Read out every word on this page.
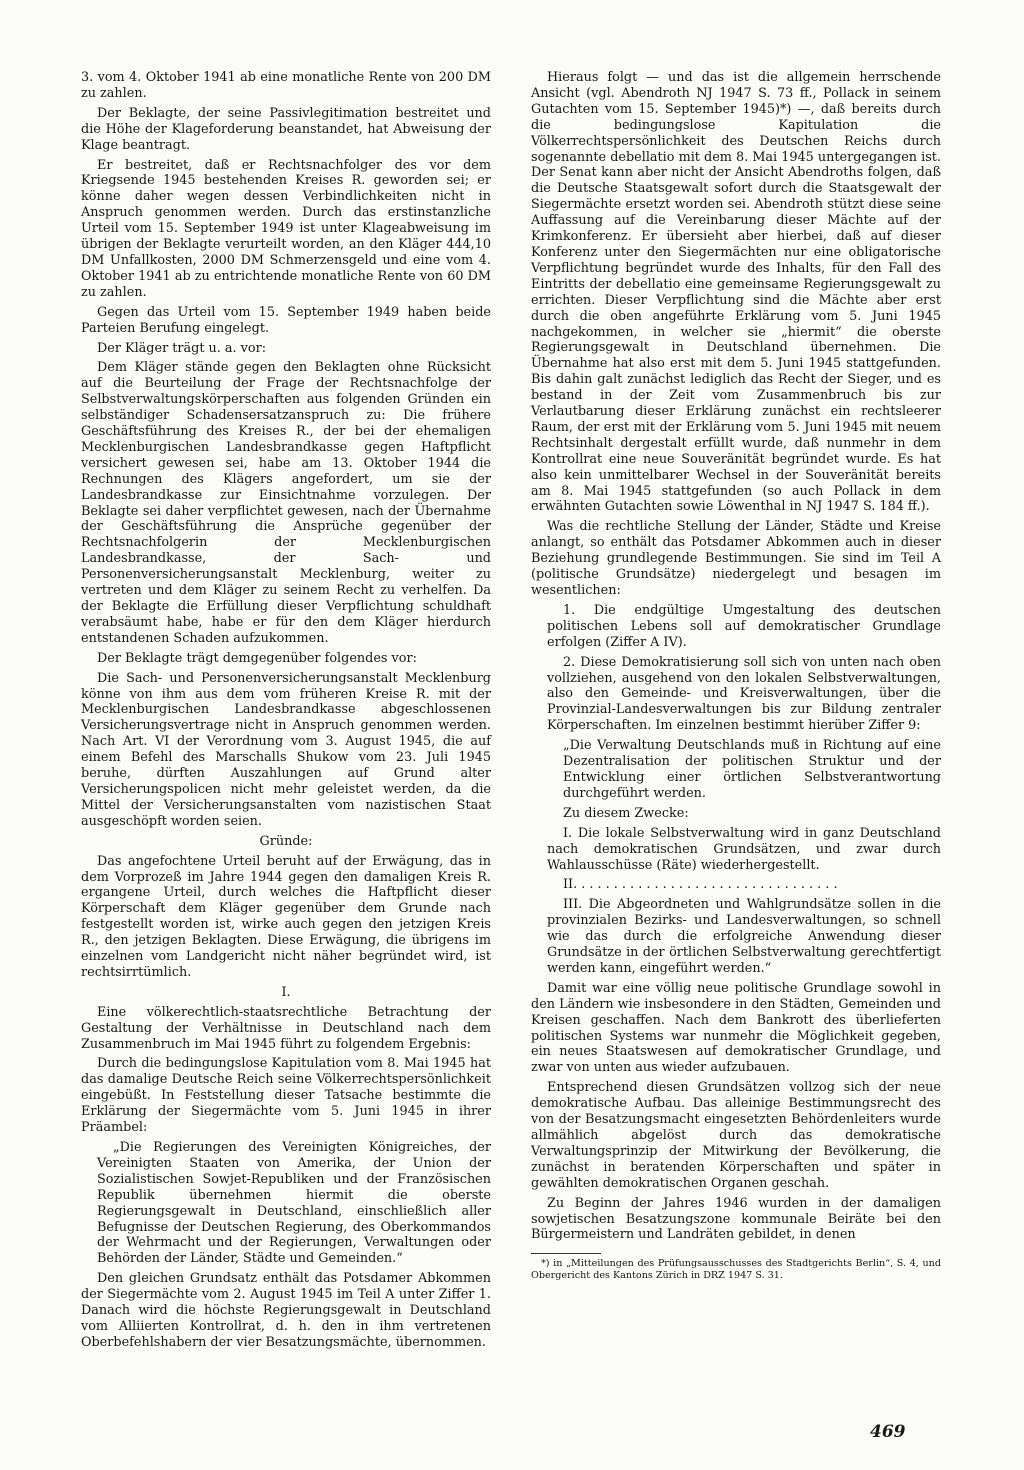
3. vom 4. Oktober 1941 ab eine monatliche Rente von 200 DM zu zahlen.

Der Beklagte, der seine Passivlegitimation bestreitet und die Höhe der Klageforderung beanstandet, hat Abweisung der Klage beantragt.

Er bestreitet, daß er Rechtsnachfolger des vor dem Kriegsende 1945 bestehenden Kreises R. geworden sei; er könne daher wegen dessen Verbindlichkeiten nicht in Anspruch genommen werden. Durch das erstinstanzliche Urteil vom 15. September 1949 ist unter Klageabweisung im übrigen der Beklagte verurteilt worden, an den Kläger 444,10 DM Unfallkosten, 2000 DM Schmerzensgeld und eine vom 4. Oktober 1941 ab zu entrichtende monatliche Rente von 60 DM zu zahlen.

Gegen das Urteil vom 15. September 1949 haben beide Parteien Berufung eingelegt.

Der Kläger trägt u. a. vor:

Dem Kläger stände gegen den Beklagten ohne Rücksicht auf die Beurteilung der Frage der Rechtsnachfolge der Selbstverwaltungskörperschaften aus folgenden Gründen ein selbständiger Schadensersatzanspruch zu: Die frühere Geschäftsführung des Kreises R., der bei der ehemaligen Mecklenburgischen Landesbrandkasse gegen Haftpflicht versichert gewesen sei, habe am 13. Oktober 1944 die Rechnungen des Klägers angefordert, um sie der Landesbrandkasse zur Einsichtnahme vorzulegen. Der Beklagte sei daher verpflichtet gewesen, nach der Übernahme der Geschäftsführung die Ansprüche gegenüber der Rechtsnachfolgerin der Mecklenburgischen Landesbrandkasse, der Sach- und Personenversicherungsanstalt Mecklenburg, weiter zu vertreten und dem Kläger zu seinem Recht zu verhelfen. Da der Beklagte die Erfüllung dieser Verpflichtung schuldhaft verabsäumt habe, habe er für den dem Kläger hierdurch entstandenen Schaden aufzukommen.

Der Beklagte trägt demgegenüber folgendes vor:

Die Sach- und Personenversicherungsanstalt Mecklenburg könne von ihm aus dem vom früheren Kreise R. mit der Mecklenburgischen Landesbrandkasse abgeschlossenen Versicherungsvertrage nicht in Anspruch genommen werden. Nach Art. VI der Verordnung vom 3. August 1945, die auf einem Befehl des Marschalls Shukow vom 23. Juli 1945 beruhe, dürften Auszahlungen auf Grund alter Versicherungspolicen nicht mehr geleistet werden, da die Mittel der Versicherungsanstalten vom nazistischen Staat ausgeschöpft worden seien.

Gründe:

Das angefochtene Urteil beruht auf der Erwägung, das in dem Vorprozeß im Jahre 1944 gegen den damaligen Kreis R. ergangene Urteil, durch welches die Haftpflicht dieser Körperschaft dem Kläger gegenüber dem Grunde nach festgestellt worden ist, wirke auch gegen den jetzigen Kreis R., den jetzigen Beklagten. Diese Erwägung, die übrigens im einzelnen vom Landgericht nicht näher begründet wird, ist rechtsirrtümlich.

I.

Eine völkerechtlich-staatsrechtliche Betrachtung der Gestaltung der Verhältnisse in Deutschland nach dem Zusammenbruch im Mai 1945 führt zu folgendem Ergebnis:

Durch die bedingungslose Kapitulation vom 8. Mai 1945 hat das damalige Deutsche Reich seine Völkerrechtspersönlichkeit eingebüßt. In Feststellung dieser Tatsache bestimmte die Erklärung der Siegermächte vom 5. Juni 1945 in ihrer Präambel:

„Die Regierungen des Vereinigten Königreiches, der Vereinigten Staaten von Amerika, der Union der Sozialistischen Sowjet-Republiken und der Französischen Republik übernehmen hiermit die oberste Regierungsgewalt in Deutschland, einschließlich aller Befugnisse der Deutschen Regierung, des Oberkommandos der Wehrmacht und der Regierungen, Verwaltungen oder Behörden der Länder, Städte und Gemeinden.“

Den gleichen Grundsatz enthält das Potsdamer Abkommen der Siegermächte vom 2. August 1945 im Teil A unter Ziffer 1. Danach wird die höchste Regierungsgewalt in Deutschland vom Alliierten Kontrollrat, d. h. den in ihm vertretenen Oberbefehlshabern der vier Besatzungsmächte, übernommen.

Hieraus folgt — und das ist die allgemein herrschende Ansicht (vgl. Abendroth NJ 1947 S. 73 ff., Pollack in seinem Gutachten vom 15. September 1945)*) —, daß bereits durch die bedingungslose Kapitulation die Völkerrechtspersönlichkeit des Deutschen Reichs durch sogenannte debellatio mit dem 8. Mai 1945 untergegangen ist. Der Senat kann aber nicht der Ansicht Abendroths folgen, daß die Deutsche Staatsgewalt sofort durch die Staatsgewalt der Siegermächte ersetzt worden sei. Abendroth stützt diese seine Auffassung auf die Vereinbarung dieser Mächte auf der Krimkonferenz. Er übersieht aber hierbei, daß auf dieser Konferenz unter den Siegermächten nur eine obligatorische Verpflichtung begründet wurde des Inhalts, für den Fall des Eintritts der debellatio eine gemeinsame Regierungsgewalt zu errichten. Dieser Verpflichtung sind die Mächte aber erst durch die oben angeführte Erklärung vom 5. Juni 1945 nachgekommen, in welcher sie „hiermit“ die oberste Regierungsgewalt in Deutschland übernehmen. Die Übernahme hat also erst mit dem 5. Juni 1945 stattgefunden. Bis dahin galt zunächst lediglich das Recht der Sieger, und es bestand in der Zeit vom Zusammenbruch bis zur Verlautbarung dieser Erklärung zunächst ein rechtsleerer Raum, der erst mit der Erklärung vom 5. Juni 1945 mit neuem Rechtsinhalt dergestalt erfüllt wurde, daß nunmehr in dem Kontrollrat eine neue Souveränität begründet wurde. Es hat also kein unmittelbarer Wechsel in der Souveränität bereits am 8. Mai 1945 stattgefunden (so auch Pollack in dem erwähnten Gutachten sowie Löwenthal in NJ 1947 S. 184 ff.).

Was die rechtliche Stellung der Länder, Städte und Kreise anlangt, so enthält das Potsdamer Abkommen auch in dieser Beziehung grundlegende Bestimmungen. Sie sind im Teil A (politische Grundsätze) niedergelegt und besagen im wesentlichen:

1. Die endgültige Umgestaltung des deutschen politischen Lebens soll auf demokratischer Grundlage erfolgen (Ziffer A IV).

2. Diese Demokratisierung soll sich von unten nach oben vollziehen, ausgehend von den lokalen Selbstverwaltungen, also den Gemeinde- und Kreisverwaltungen, über die Provinzial-Landesverwaltungen bis zur Bildung zentraler Körperschaften. Im einzelnen bestimmt hierüber Ziffer 9:

„Die Verwaltung Deutschlands muß in Richtung auf eine Dezentralisation der politischen Struktur und der Entwicklung einer örtlichen Selbstverantwortung durchgeführt werden.

Zu diesem Zwecke:

I. Die lokale Selbstverwaltung wird in ganz Deutschland nach demokratischen Grundsätzen, und zwar durch Wahlausschüsse (Räte) wiederhergestellt.

II. . . . . . . . . . . . . . . . . . . . . . . . . . . . . . . . .

III. Die Abgeordneten und Wahlgrundsätze sollen in die provinzialen Bezirks- und Landesverwaltungen, so schnell wie das durch die erfolgreiche Anwendung dieser Grundsätze in der örtlichen Selbstverwaltung gerechtfertigt werden kann, eingeführt werden.“

Damit war eine völlig neue politische Grundlage sowohl in den Ländern wie insbesondere in den Städten, Gemeinden und Kreisen geschaffen. Nach dem Bankrott des überlieferten politischen Systems war nunmehr die Möglichkeit gegeben, ein neues Staatswesen auf demokratischer Grundlage, und zwar von unten aus wieder aufzubauen.

Entsprechend diesen Grundsätzen vollzog sich der neue demokratische Aufbau. Das alleinige Bestimmungsrecht des von der Besatzungsmacht eingesetzten Behördenleiters wurde allmählich abgelöst durch das demokratische Verwaltungsprinzip der Mitwirkung der Bevölkerung, die zunächst in beratenden Körperschaften und später in gewählten demokratischen Organen geschah.

Zu Beginn der Jahres 1946 wurden in der damaligen sowjetischen Besatzungszone kommunale Beiräte bei den Bürgermeistern und Landräten gebildet, in denen

*) in „Mitteilungen des Prüfungsausschusses des Stadtgerichts Berlin“, S. 4, und Obergericht des Kantons Zürich in DRZ 1947 S. 31.

469
